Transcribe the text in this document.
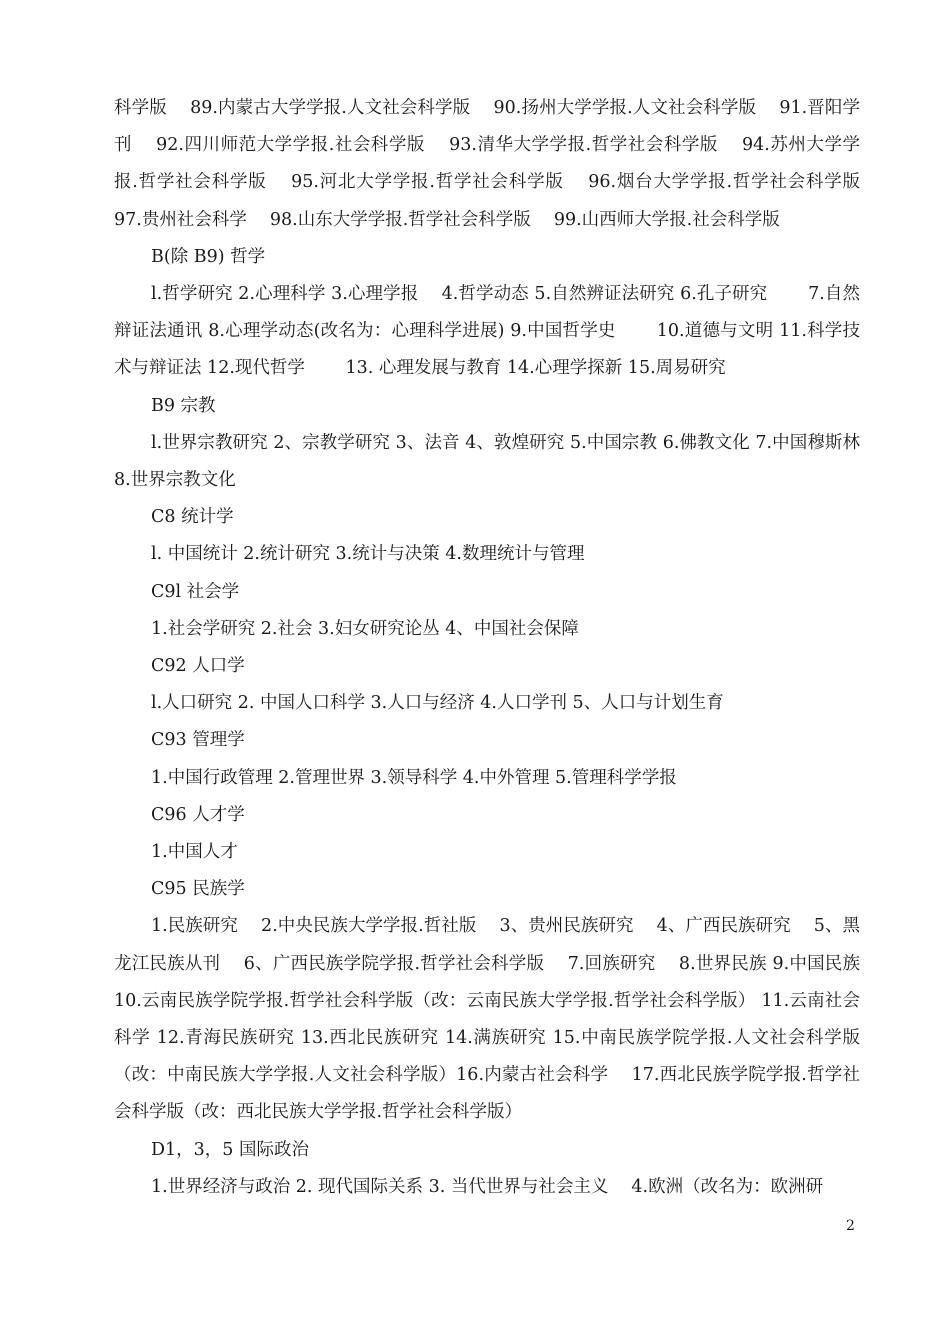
科学版　 89.内蒙古大学学报.人文社会科学版　 90.扬州大学学报.人文社会科学版　 91.晋阳学刊　 92.四川师范大学学报.社会科学版　 93.清华大学学报.哲学社会科学版　 94.苏州大学学报.哲学社会科学版　 95.河北大学学报.哲学社会科学版　 96.烟台大学学报.哲学社会科学版　 97.贵州社会科学　 98.山东大学学报.哲学社会科学版　 99.山西师大学报.社会科学版

B(除 B9) 哲学

l.哲学研究 2.心理科学 3.心理学报　 4.哲学动态 5.自然辨证法研究 6.孔子研究　　 7.自然辩证法通讯 8.心理学动态(改名为：心理科学进展) 9.中国哲学史　　 10.道德与文明 11.科学技术与辩证法 12.现代哲学　　 13. 心理发展与教育 14.心理学探新 15.周易研究

B9 宗教

l.世界宗教研究 2、宗教学研究 3、法音 4、敦煌研究 5.中国宗教 6.佛教文化 7.中国穆斯林 8.世界宗教文化

C8 统计学

l. 中国统计 2.统计研究 3.统计与决策 4.数理统计与管理

C9l 社会学

1.社会学研究 2.社会 3.妇女研究论丛 4、中国社会保障

C92 人口学

l.人口研究 2. 中国人口科学 3.人口与经济 4.人口学刊 5、人口与计划生育

C93 管理学

1.中国行政管理 2.管理世界 3.领导科学 4.中外管理 5.管理科学学报

C96 人才学

1.中国人才

C95 民族学

1.民族研究　 2.中央民族大学学报.哲社版　 3、贵州民族研究　 4、广西民族研究　 5、黑龙江民族从刊　 6、广西民族学院学报.哲学社会科学版　 7.回族研究　 8.世界民族 9.中国民族　 10.云南民族学院学报.哲学社会科学版（改：云南民族大学学报.哲学社会科学版） 11.云南社会科学 12.青海民族研究 13.西北民族研究 14.满族研究 15.中南民族学院学报.人文社会科学版（改：中南民族大学学报.人文社会科学版）16.内蒙古社会科学　 17.西北民族学院学报.哲学社会科学版（改：西北民族大学学报.哲学社会科学版）

D1，3，5 国际政治

1.世界经济与政治 2. 现代国际关系 3. 当代世界与社会主义　 4.欧洲（改名为：欧洲研

2
